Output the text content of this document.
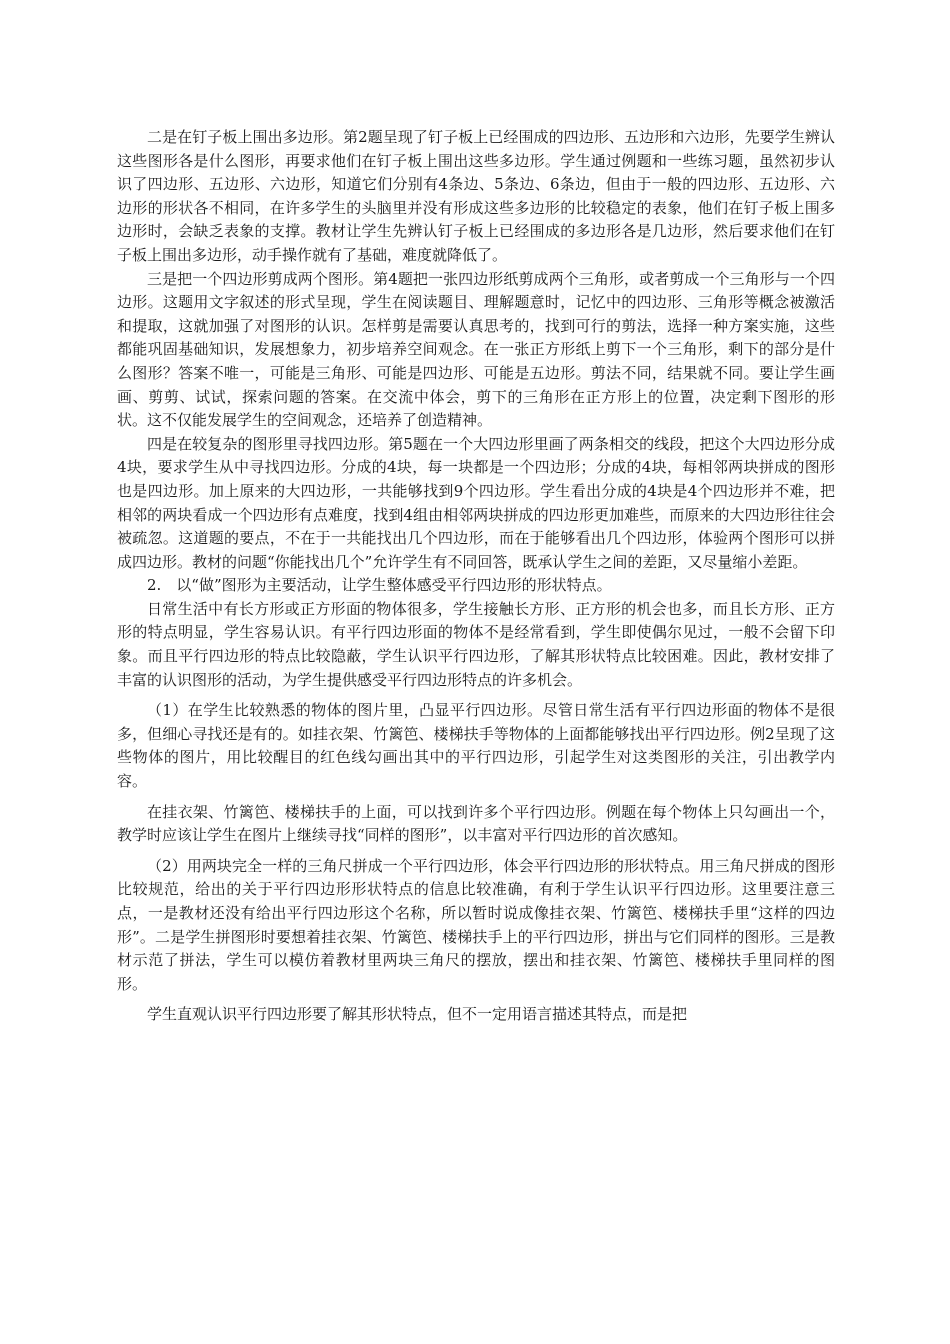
二是在钉子板上围出多边形。第2题呈现了钉子板上已经围成的四边形、五边形和六边形，先要学生辨认这些图形各是什么图形，再要求他们在钉子板上围出这些多边形。学生通过例题和一些练习题，虽然初步认识了四边形、五边形、六边形，知道它们分别有4条边、5条边、6条边，但由于一般的四边形、五边形、六边形的形状各不相同，在许多学生的头脑里并没有形成这些多边形的比较稳定的表象，他们在钉子板上围多边形时，会缺乏表象的支撑。教材让学生先辨认钉子板上已经围成的多边形各是几边形，然后要求他们在钉子板上围出多边形，动手操作就有了基础，难度就降低了。

三是把一个四边形剪成两个图形。第4题把一张四边形纸剪成两个三角形，或者剪成一个三角形与一个四边形。这题用文字叙述的形式呈现，学生在阅读题目、理解题意时，记忆中的四边形、三角形等概念被激活和提取，这就加强了对图形的认识。怎样剪是需要认真思考的，找到可行的剪法，选择一种方案实施，这些都能巩固基础知识，发展想象力，初步培养空间观念。在一张正方形纸上剪下一个三角形，剩下的部分是什么图形？答案不唯一，可能是三角形、可能是四边形、可能是五边形。剪法不同，结果就不同。要让学生画画、剪剪、试试，探索问题的答案。在交流中体会，剪下的三角形在正方形上的位置，决定剩下图形的形状。这不仅能发展学生的空间观念，还培养了创造精神。

四是在较复杂的图形里寻找四边形。第5题在一个大四边形里画了两条相交的线段，把这个大四边形分成4块，要求学生从中寻找四边形。分成的4块，每一块都是一个四边形；分成的4块，每相邻两块拼成的图形也是四边形。加上原来的大四边形，一共能够找到9个四边形。学生看出分成的4块是4个四边形并不难，把相邻的两块看成一个四边形有点难度，找到4组由相邻两块拼成的四边形更加难些，而原来的大四边形往往会被疏忽。这道题的要点，不在于一共能找出几个四边形，而在于能够看出几个四边形，体验两个图形可以拼成四边形。教材的问题“你能找出几个”允许学生有不同回答，既承认学生之间的差距，又尽量缩小差距。

2.　以“做”图形为主要活动，让学生整体感受平行四边形的形状特点。

日常生活中有长方形或正方形面的物体很多，学生接触长方形、正方形的机会也多，而且长方形、正方形的特点明显，学生容易认识。有平行四边形面的物体不是经常看到，学生即使偶尔见过，一般不会留下印象。而且平行四边形的特点比较隐蔽，学生认识平行四边形，了解其形状特点比较困难。因此，教材安排了丰富的认识图形的活动，为学生提供感受平行四边形特点的许多机会。

（1）在学生比较熟悉的物体的图片里，凸显平行四边形。尽管日常生活有平行四边形面的物体不是很多，但细心寻找还是有的。如挂衣架、竹篱笆、楼梯扶手等物体的上面都能够找出平行四边形。例2呈现了这些物体的图片，用比较醒目的红色线勾画出其中的平行四边形，引起学生对这类图形的关注，引出教学内容。

在挂衣架、竹篱笆、楼梯扶手的上面，可以找到许多个平行四边形。例题在每个物体上只勾画出一个，教学时应该让学生在图片上继续寻找“同样的图形”，以丰富对平行四边形的首次感知。

（2）用两块完全一样的三角尺拼成一个平行四边形，体会平行四边形的形状特点。用三角尺拼成的图形比较规范，给出的关于平行四边形形状特点的信息比较准确，有利于学生认识平行四边形。这里要注意三点，一是教材还没有给出平行四边形这个名称，所以暂时说成像挂衣架、竹篱笆、楼梯扶手里“这样的四边形”。二是学生拼图形时要想着挂衣架、竹篱笆、楼梯扶手上的平行四边形，拼出与它们同样的图形。三是教材示范了拼法，学生可以模仿着教材里两块三角尺的摆放，摆出和挂衣架、竹篱笆、楼梯扶手里同样的图形。

学生直观认识平行四边形要了解其形状特点，但不一定用语言描述其特点，而是把
